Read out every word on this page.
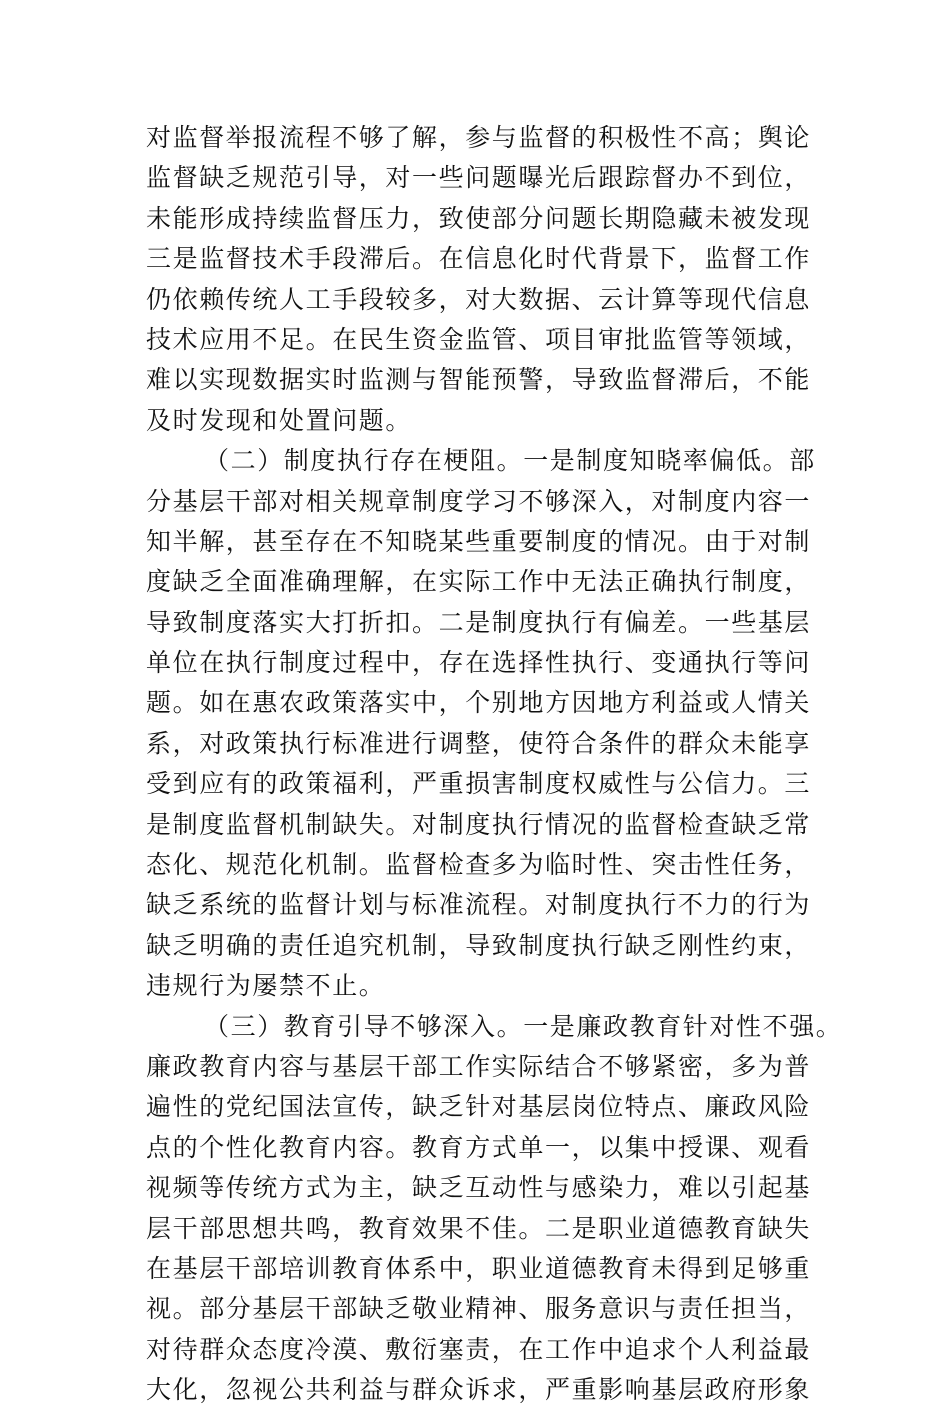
对监督举报流程不够了解，参与监督的积极性不高；舆论
监督缺乏规范引导，对一些问题曝光后跟踪督办不到位，
未能形成持续监督压力，致使部分问题长期隐藏未被发现
三是监督技术手段滞后。在信息化时代背景下，监督工作
仍依赖传统人工手段较多，对大数据、云计算等现代信息
技术应用不足。在民生资金监管、项目审批监管等领域，
难以实现数据实时监测与智能预警，导致监督滞后，不能
及时发现和处置问题。
（二）制度执行存在梗阻。一是制度知晓率偏低。部
分基层干部对相关规章制度学习不够深入，对制度内容一
知半解，甚至存在不知晓某些重要制度的情况。由于对制
度缺乏全面准确理解，在实际工作中无法正确执行制度，
导致制度落实大打折扣。二是制度执行有偏差。一些基层
单位在执行制度过程中，存在选择性执行、变通执行等问
题。如在惠农政策落实中，个别地方因地方利益或人情关
系，对政策执行标准进行调整，使符合条件的群众未能享
受到应有的政策福利，严重损害制度权威性与公信力。三
是制度监督机制缺失。对制度执行情况的监督检查缺乏常
态化、规范化机制。监督检查多为临时性、突击性任务，
缺乏系统的监督计划与标准流程。对制度执行不力的行为
缺乏明确的责任追究机制，导致制度执行缺乏刚性约束，
违规行为屡禁不止。
（三）教育引导不够深入。一是廉政教育针对性不强。
廉政教育内容与基层干部工作实际结合不够紧密，多为普
遍性的党纪国法宣传，缺乏针对基层岗位特点、廉政风险
点的个性化教育内容。教育方式单一，以集中授课、观看
视频等传统方式为主，缺乏互动性与感染力，难以引起基
层干部思想共鸣，教育效果不佳。二是职业道德教育缺失
在基层干部培训教育体系中，职业道德教育未得到足够重
视。部分基层干部缺乏敬业精神、服务意识与责任担当，
对待群众态度冷漠、敷衍塞责，在工作中追求个人利益最
大化，忽视公共利益与群众诉求，严重影响基层政府形象
